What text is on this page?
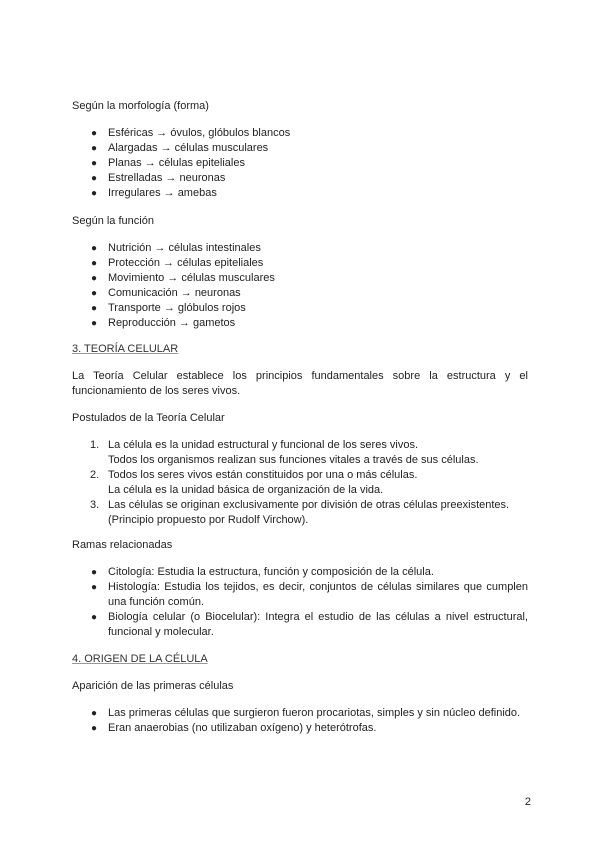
Según la morfología (forma)

● Esféricas → óvulos, glóbulos blancos
● Alargadas → células musculares
● Planas → células epiteliales
● Estrelladas → neuronas
● Irregulares → amebas

Según la función

● Nutrición → células intestinales
● Protección → células epiteliales
● Movimiento → células musculares
● Comunicación → neuronas
● Transporte → glóbulos rojos
● Reproducción → gametos

3. TEORÍA CELULAR

La Teoría Celular establece los principios fundamentales sobre la estructura y el funcionamiento de los seres vivos.

Postulados de la Teoría Celular

1. La célula es la unidad estructural y funcional de los seres vivos.
Todos los organismos realizan sus funciones vitales a través de sus células.
2. Todos los seres vivos están constituidos por una o más células.
La célula es la unidad básica de organización de la vida.
3. Las células se originan exclusivamente por división de otras células preexistentes.
(Principio propuesto por Rudolf Virchow).

Ramas relacionadas

● Citología: Estudia la estructura, función y composición de la célula.
● Histología: Estudia los tejidos, es decir, conjuntos de células similares que cumplen una función común.
● Biología celular (o Biocelular): Integra el estudio de las células a nivel estructural, funcional y molecular.

4. ORIGEN DE LA CÉLULA

Aparición de las primeras células

● Las primeras células que surgieron fueron procariotas, simples y sin núcleo definido.
● Eran anaerobias (no utilizaban oxígeno) y heterótrofas.
2
